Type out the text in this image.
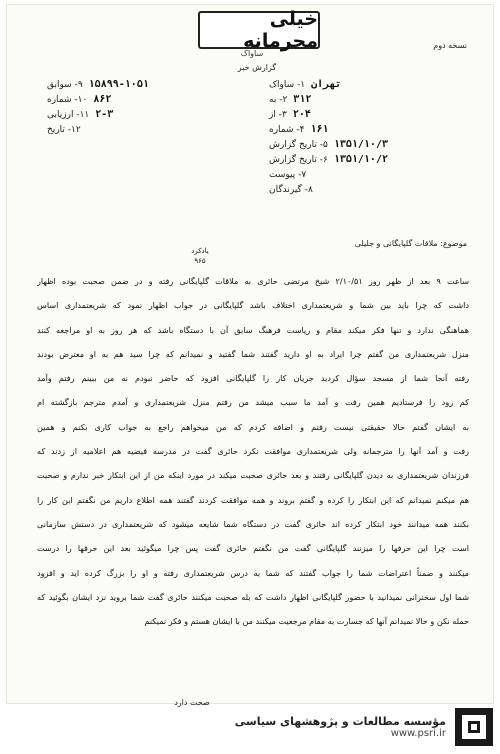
خیلی محرمانه
ساواک
گزارش خبر
نسخه دوم
۱- ساواک تهران
۲- به ۳۱۲
۳- از ۲۰۴
۴- شماره ۱۶۱
۵- تاریخ گزارش ۱۳۵۱/۱۰/۳
۶- تاریخ گزارش ۱۳۵۱/۱۰/۲
۷- پیوست
۸- گیرندگان
۹- سوابق ۱۵۸۹۹-۱۰۵۱
۱۰- شماره ۸۶۲
۱۱- ارزیابی ۲-۳
۱۲- تاریخ
موضوع: ملاقات گلپایگانی و جلیلی
یادکرد
۹۶۵
ساعت ۹ بعد از ظهر روز ۲/۱۰/۵۱ شیخ مرتضی حائری به ملاقات گلپایگانی رفته و در ضمن صحبت بوده اظهار
داشت که چرا باید بین شما و شریعتمداری اختلاف باشد گلپایگانی در جواب اظهار نمود که شریعتمداری اساس
هماهنگی ندارد و تنها فکر میکند مقام و ریاست فرهنگ سابق آن با دستگاه باشد که هر روز به او مراجعه کنند
منزل شریعتمداری من گفتم چرا ایراد به او دارید گفتند شما گفتید و نمیدانم که چرا سید هم به او معترض بودند
رفته آنجا شما از مسجد سؤال کردید جریان کار را گلپایگانی افزود که حاضر نبودم نه من ببینم رفتم وآمد
کم زود را فرستادیم همین رفت و آمد ما سبب میشد من رفتم منزل شریعتمداری و آمدم مترجم بازگشته ام
به ایشان گفتم حالا حقیقتی نیست رفتم و اضافه کردم که من میخواهم راجع به جواب کاری بکنم و همین
رفت و آمد آنها را مترجمانه ولی شریعتمداری موافقت نکرد حائری گفت در مدرسه فیضیه هم اعلامیه از زدند که
فرزندان شریعتمداری به دیدن گلپایگانی رفتند و بعد حائری صحبت میکند در مورد اینکه من از این ابتکار خبر ندارم و صحبت
هم میکنم نمیدانم که این ابتکار را کرده و گفتم بروند و همه موافقت کردند گفتند همه اطلاع داریم من نگفتم این کار را
بکنند همه میدانند خود ابتکار کرده اند حائری گفت در دستگاه شما شایعه میشود که شریعتمداری در دستش سازمانی
است چرا این حرفها را میزنند گلپایگانی گفت من نگفتم حائری گفت پس چرا میگوئید بعد این حرفها را درست
میکنند و ضمناً اعتراضات شما را جواب گفتند که شما به درس شریعتمداری رفته و او را بزرگ کرده اید و افزود
شما اول سخنرانی نمیدانید با حضور گلپایگانی اظهار داشت که بله صحبت میکنند حائری گفت شما بروید نزد ایشان بگوئید که
حمله نکن و حالا نمیدانم آنها که جسارت به مقام مرجعیت میکنند من با ایشان هستم و فکر نمیکنم
صحت دارد
مؤسسه مطالعات و پژوهشهای سیاسی
www.psri.ir
